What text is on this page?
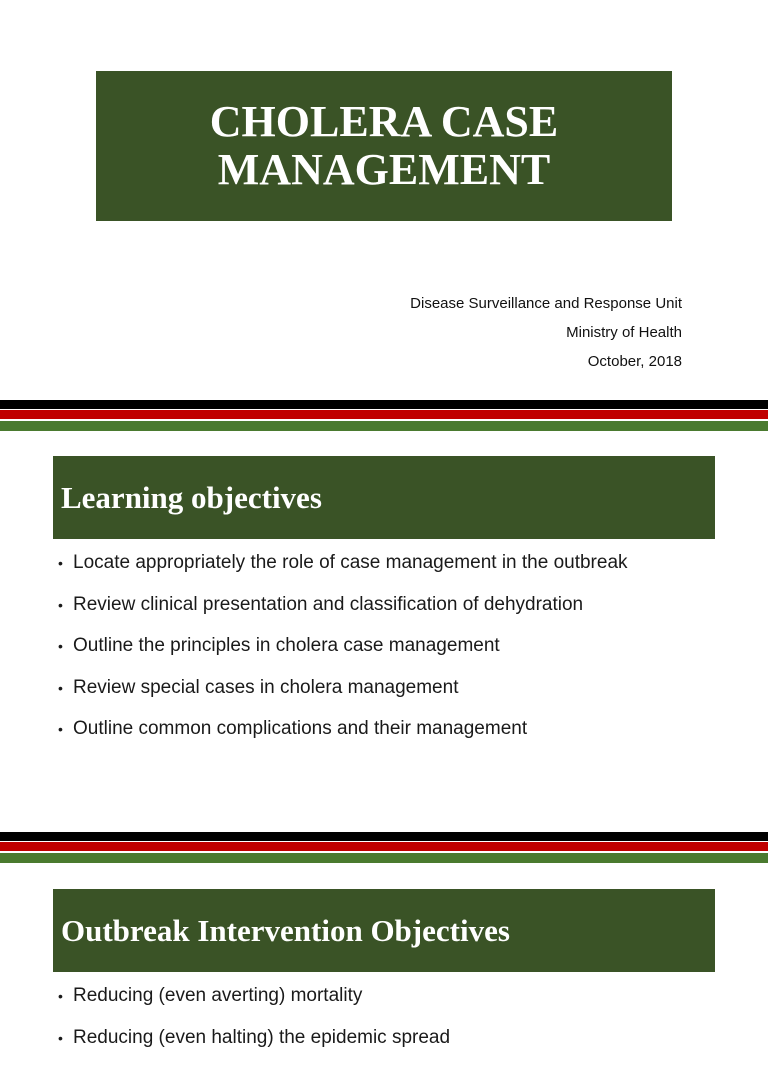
CHOLERA CASE
MANAGEMENT
Disease Surveillance and Response Unit
Ministry of Health
October, 2018
Learning objectives
• Locate appropriately the role of case management in the outbreak
• Review clinical presentation and classification of dehydration
• Outline the principles in cholera case management
• Review special cases in cholera management
• Outline common complications and their management
Outbreak Intervention Objectives
• Reducing (even averting) mortality
• Reducing (even halting) the epidemic spread
